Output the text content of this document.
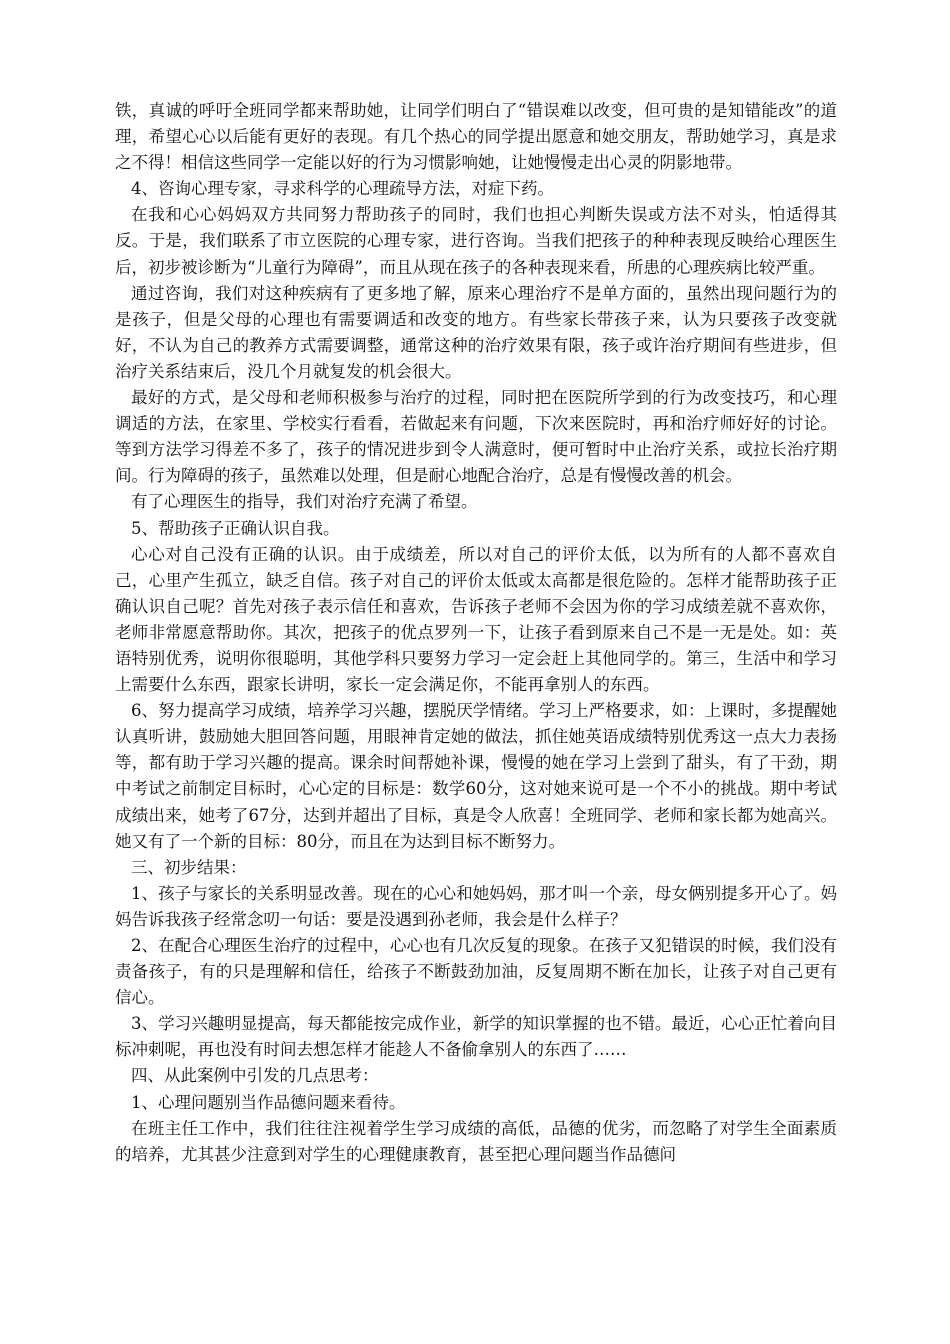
铁，真诚的呼吁全班同学都来帮助她，让同学们明白了“错误难以改变，但可贵的是知错能改”的道理，希望心心以后能有更好的表现。有几个热心的同学提出愿意和她交朋友，帮助她学习，真是求之不得！相信这些同学一定能以好的行为习惯影响她，让她慢慢走出心灵的阴影地带。

4、咨询心理专家，寻求科学的心理疏导方法，对症下药。

在我和心心妈妈双方共同努力帮助孩子的同时，我们也担心判断失误或方法不对头，怕适得其反。于是，我们联系了市立医院的心理专家，进行咨询。当我们把孩子的种种表现反映给心理医生后，初步被诊断为“儿童行为障碍”，而且从现在孩子的各种表现来看，所患的心理疾病比较严重。

通过咨询，我们对这种疾病有了更多地了解，原来心理治疗不是单方面的，虽然出现问题行为的是孩子，但是父母的心理也有需要调适和改变的地方。有些家长带孩子来，认为只要孩子改变就好，不认为自己的教养方式需要调整，通常这种的治疗效果有限，孩子或许治疗期间有些进步，但治疗关系结束后，没几个月就复发的机会很大。

最好的方式，是父母和老师积极参与治疗的过程，同时把在医院所学到的行为改变技巧，和心理调适的方法，在家里、学校实行看看，若做起来有问题，下次来医院时，再和治疗师好好的讨论。等到方法学习得差不多了，孩子的情况进步到令人满意时，便可暂时中止治疗关系，或拉长治疗期间。行为障碍的孩子，虽然难以处理，但是耐心地配合治疗，总是有慢慢改善的机会。

有了心理医生的指导，我们对治疗充满了希望。

5、帮助孩子正确认识自我。

心心对自己没有正确的认识。由于成绩差，所以对自己的评价太低，以为所有的人都不喜欢自己，心里产生孤立，缺乏自信。孩子对自己的评价太低或太高都是很危险的。怎样才能帮助孩子正确认识自己呢？首先对孩子表示信任和喜欢，告诉孩子老师不会因为你的学习成绩差就不喜欢你，老师非常愿意帮助你。其次，把孩子的优点罗列一下，让孩子看到原来自己不是一无是处。如：英语特别优秀，说明你很聪明，其他学科只要努力学习一定会赶上其他同学的。第三，生活中和学习上需要什么东西，跟家长讲明，家长一定会满足你，不能再拿别人的东西。

6、努力提高学习成绩，培养学习兴趣，摆脱厌学情绪。学习上严格要求，如：上课时，多提醒她认真听讲，鼓励她大胆回答问题，用眼神肯定她的做法，抓住她英语成绩特别优秀这一点大力表扬等，都有助于学习兴趣的提高。课余时间帮她补课，慢慢的她在学习上尝到了甜头，有了干劲，期中考试之前制定目标时，心心定的目标是：数学60分，这对她来说可是一个不小的挑战。期中考试成绩出来，她考了67分，达到并超出了目标，真是令人欣喜！全班同学、老师和家长都为她高兴。她又有了一个新的目标：80分，而且在为达到目标不断努力。

三、初步结果：

1、孩子与家长的关系明显改善。现在的心心和她妈妈，那才叫一个亲，母女俩别提多开心了。妈妈告诉我孩子经常念叨一句话：要是没遇到孙老师，我会是什么样子？

2、在配合心理医生治疗的过程中，心心也有几次反复的现象。在孩子又犯错误的时候，我们没有责备孩子，有的只是理解和信任，给孩子不断鼓劲加油，反复周期不断在加长，让孩子对自己更有信心。

3、学习兴趣明显提高，每天都能按完成作业，新学的知识掌握的也不错。最近，心心正忙着向目标冲刺呢，再也没有时间去想怎样才能趁人不备偷拿别人的东西了……

四、从此案例中引发的几点思考：

1、心理问题别当作品德问题来看待。

在班主任工作中，我们往往注视着学生学习成绩的高低，品德的优劣，而忽略了对学生全面素质的培养，尤其甚少注意到对学生的心理健康教育，甚至把心理问题当作品德问
